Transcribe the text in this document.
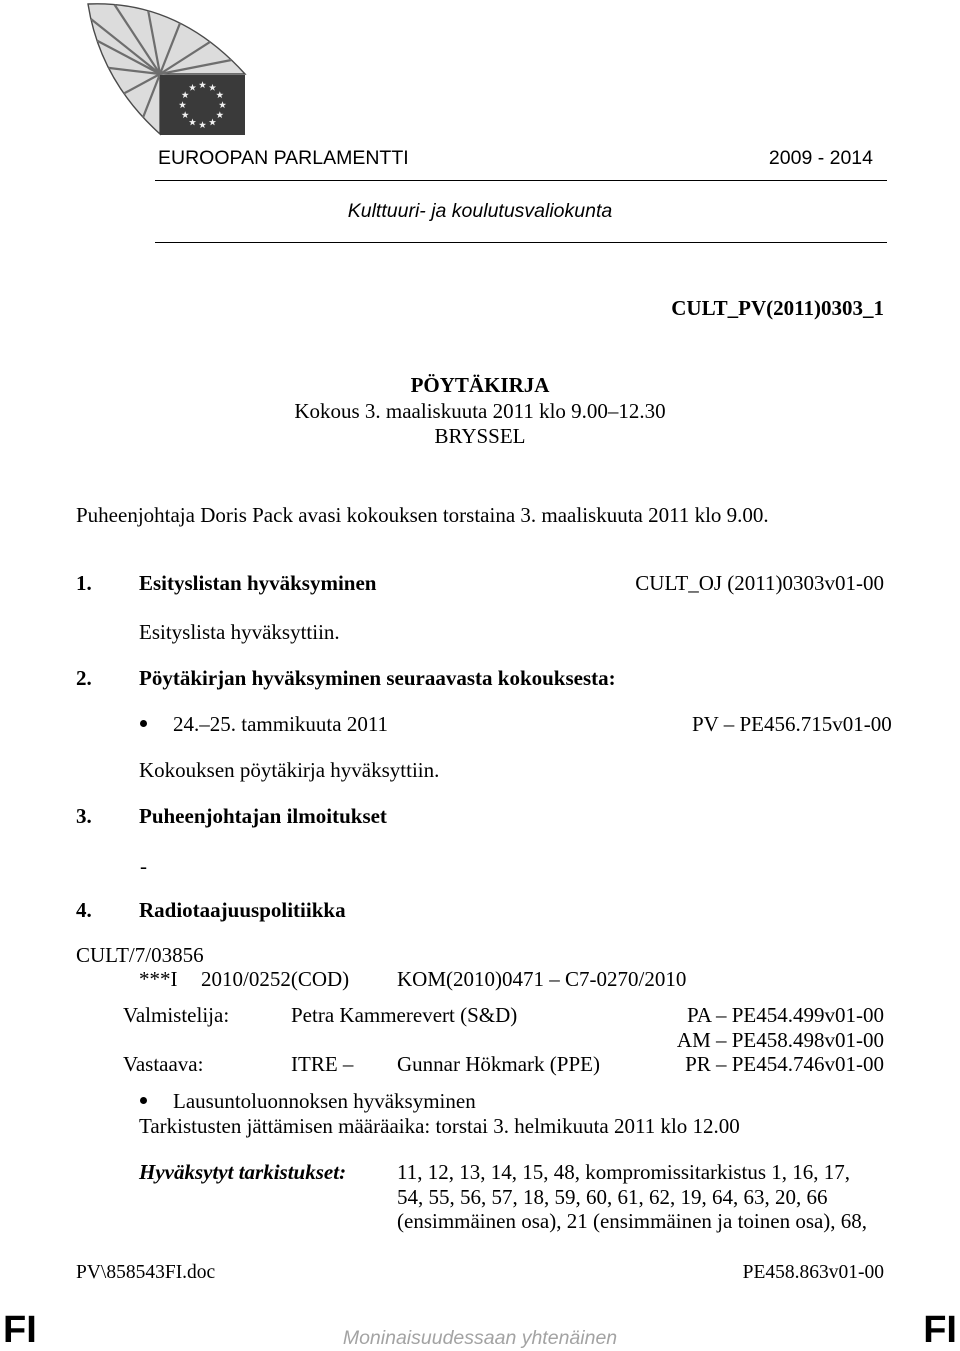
EUROOPAN PARLAMENTTI	2009 - 2014
Kulttuuri- ja koulutusvaliokunta
CULT_PV(2011)0303_1
PÖYTÄKIRJA
Kokous 3. maaliskuuta 2011 klo 9.00–12.30
BRYSSEL
Puheenjohtaja Doris Pack avasi kokouksen torstaina 3. maaliskuuta 2011 klo 9.00.
1. Esityslistan hyväksyminen	CULT_OJ (2011)0303v01-00
Esityslista hyväksyttiin.
2. Pöytäkirjan hyväksyminen seuraavasta kokouksesta:
24.–25. tammikuuta 2011	PV – PE456.715v01-00
Kokouksen pöytäkirja hyväksyttiin.
3. Puheenjohtajan ilmoitukset
-
4. Radiotaajuuspolitiikka
CULT/7/03856
***I 2010/0252(COD) KOM(2010)0471 – C7-0270/2010
Valmistelija:	Petra Kammerevert (S&D)	PA – PE454.499v01-00
AM – PE458.498v01-00
Vastaava:	ITRE – Gunnar Hökmark (PPE)	PR – PE454.746v01-00
Lausuntoluonnoksen hyväksyminen
Tarkistusten jättämisen määräaika: torstai 3. helmikuuta 2011 klo 12.00
Hyväksytyt tarkistukset: 11, 12, 13, 14, 15, 48, kompromissitarkistus 1, 16, 17,
54, 55, 56, 57, 18, 59, 60, 61, 62, 19, 64, 63, 20, 66
(ensimmäinen osa), 21 (ensimmäinen ja toinen osa), 68,
PV\858543FI.doc	PE458.863v01-00
FI	Moninaisuudessaan yhtenäinen	FI
